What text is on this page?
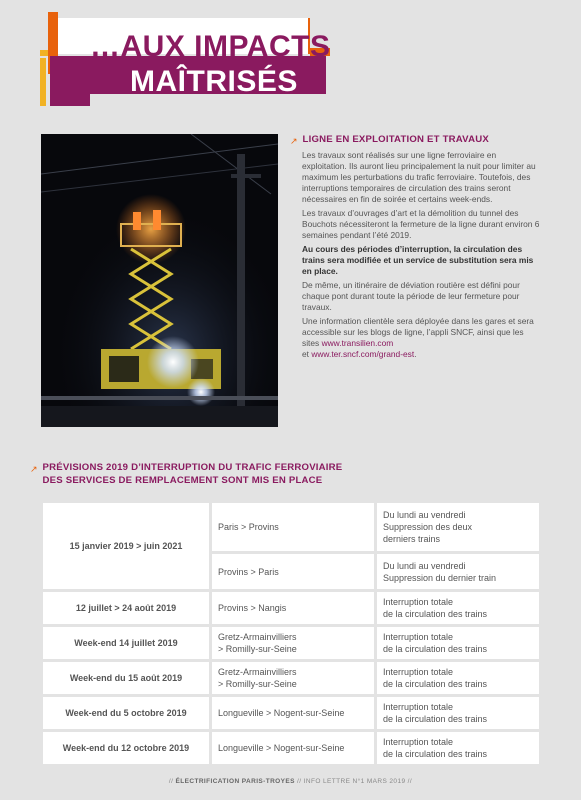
…AUX IMPACTS
MAÎTRISÉS
↗ LIGNE EN EXPLOITATION ET TRAVAUX

Les travaux sont réalisés sur une ligne ferroviaire en exploitation. Ils auront lieu principalement la nuit pour limiter au maximum les perturbations du trafic ferroviaire. Toutefois, des interruptions temporaires de circulation des trains seront nécessaires en fin de soirée et certains week-ends.

Les travaux d’ouvrages d’art et la démolition du tunnel des Bouchots nécessiteront la fermeture de la ligne durant environ 6 semaines pendant l’été 2019.

Au cours des périodes d’interruption, la circulation des trains sera modifiée et un service de substitution sera mis en place.

De même, un itinéraire de déviation routière est défini pour chaque pont durant toute la période de leur fermeture pour travaux.

Une information clientèle sera déployée dans les gares et sera accessible sur les blogs de ligne, l’appli SNCF, ainsi que les sites www.transilien.com
et www.ter.sncf.com/grand-est.

↗ PRÉVISIONS 2019 D’INTERRUPTION DU TRAFIC FERROVIAIRE
DES SERVICES DE REMPLACEMENT SONT MIS EN PLACE
15 janvier 2019 > juin 2021	Paris > Provins	Du lundi au vendredi
Suppression des deux
derniers trains
	Provins > Paris	Du lundi au vendredi
Suppression du dernier train
12 juillet > 24 août 2019	Provins > Nangis	Interruption totale
de la circulation des trains
Week-end 14 juillet 2019	Gretz-Armainvilliers
> Romilly-sur-Seine	Interruption totale
de la circulation des trains
Week-end du 15 août 2019	Gretz-Armainvilliers
> Romilly-sur-Seine	Interruption totale
de la circulation des trains
Week-end du 5 octobre 2019	Longueville > Nogent-sur-Seine	Interruption totale
de la circulation des trains
Week-end du 12 octobre 2019	Longueville > Nogent-sur-Seine	Interruption totale
de la circulation des trains
// ÉLECTRIFICATION PARIS-TROYES // INFO LETTRE N°1 MARS 2019 //
